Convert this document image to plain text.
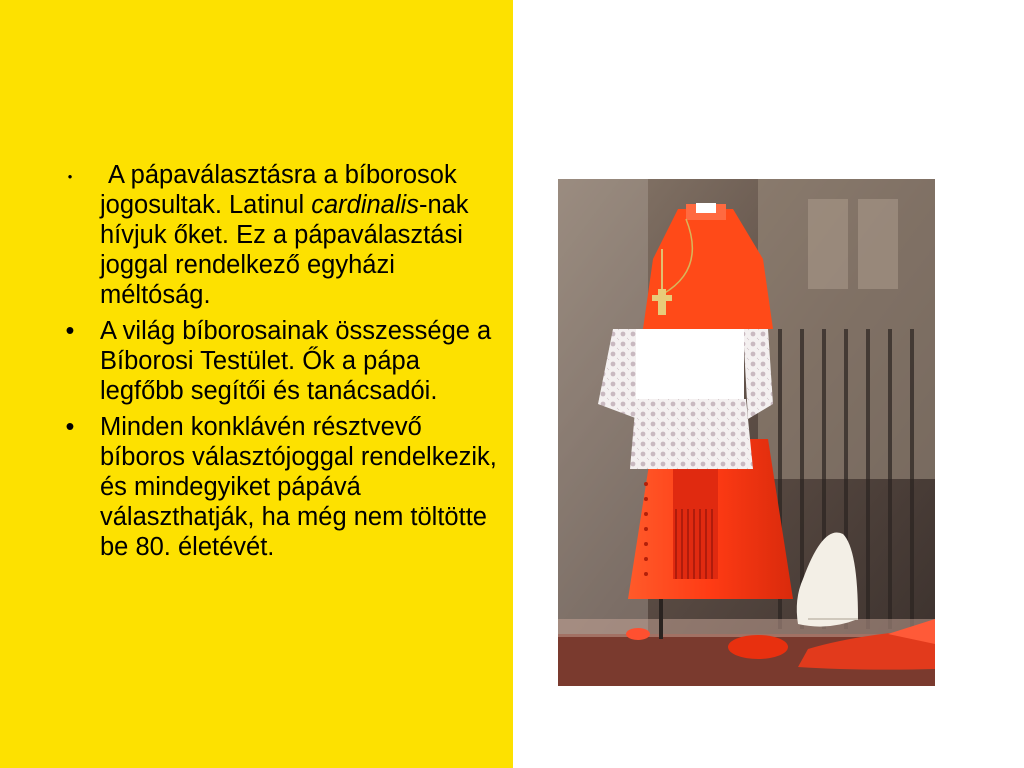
•	A pápaválasztásra a bíborosok jogosultak. Latinul cardinalis-nak hívjuk őket. Ez a pápaválasztási joggal rendelkező egyházi méltóság.
• A világ bíborosainak összessége a Bíborosi Testület. Ők a pápa legfőbb segítői és tanácsadói.
• Minden konklávén résztvevő bíboros választójoggal rendelkezik, és mindegyiket pápává választhatják, ha még nem töltötte be 80. életévét.
